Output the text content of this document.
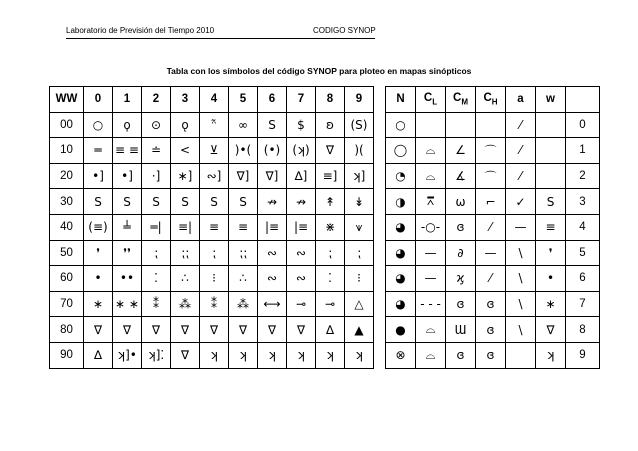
Laboratorio de Previsión del Tiempo 2010	CODIGO SYNOP
Tabla con los símbolos del código SYNOP para ploteo en mapas sinópticos
WW	0	1	2	3	4	5	6	7	8	9
00	○	ϙ	⊙	ǫ	ᵔ̃	∞	S	$	ʚ	(S)
10	═	≡ ≡	≐	<	⊻	)•(	(•)	(ʞ)	∇	)(
20	•]	•]	⋅]	∗]	∾]	∇]	∇]	∆]	≡]	ʞ]
30	S	S	S	S	S	S	↛	↛	↟	↡
40	(≡)	╧	═|	≡|	≡	≡	|≡	|≡	⋇	⩛
50	❜	❜❜	⁏	⁏⁏	⁏	⁏⁏	∾	∾	⁏	⁏
60	•	••	⁚	∴	⁝	∴	∾	∾	⁚	⁝
70	∗	∗ ∗	⁑	⁂	⁑	⁂	⟷	⊸	⊸	△
80	∇	∇	∇	∇	∇	∇	∇	∇	∆	▲
90	∆	ʞ]•	ʞ]⁚	∇	ʞ	ʞ	ʞ	ʞ	ʞ	ʞ
N	$C_L$	$C_M$	$C_H$	a	w	
○				⁄		0
◯	⌓	∠	⌒	⁄		1
◔	⌓	∡	⌒	⁄		2
◑	⩞	ω	⌐	✓	S	3
◕	-○-	ɞ	⁄	—	≡	4
◕	—	∂	—	\	❜	5
◕	—	ϗ	⁄	\	•	6
◕	- - -	ɞ	ɞ	\	∗	7
●	⌓	Ɯ	ɞ	\	∇	8
⊗	⌓	ɞ	ɞ		ʞ	9
